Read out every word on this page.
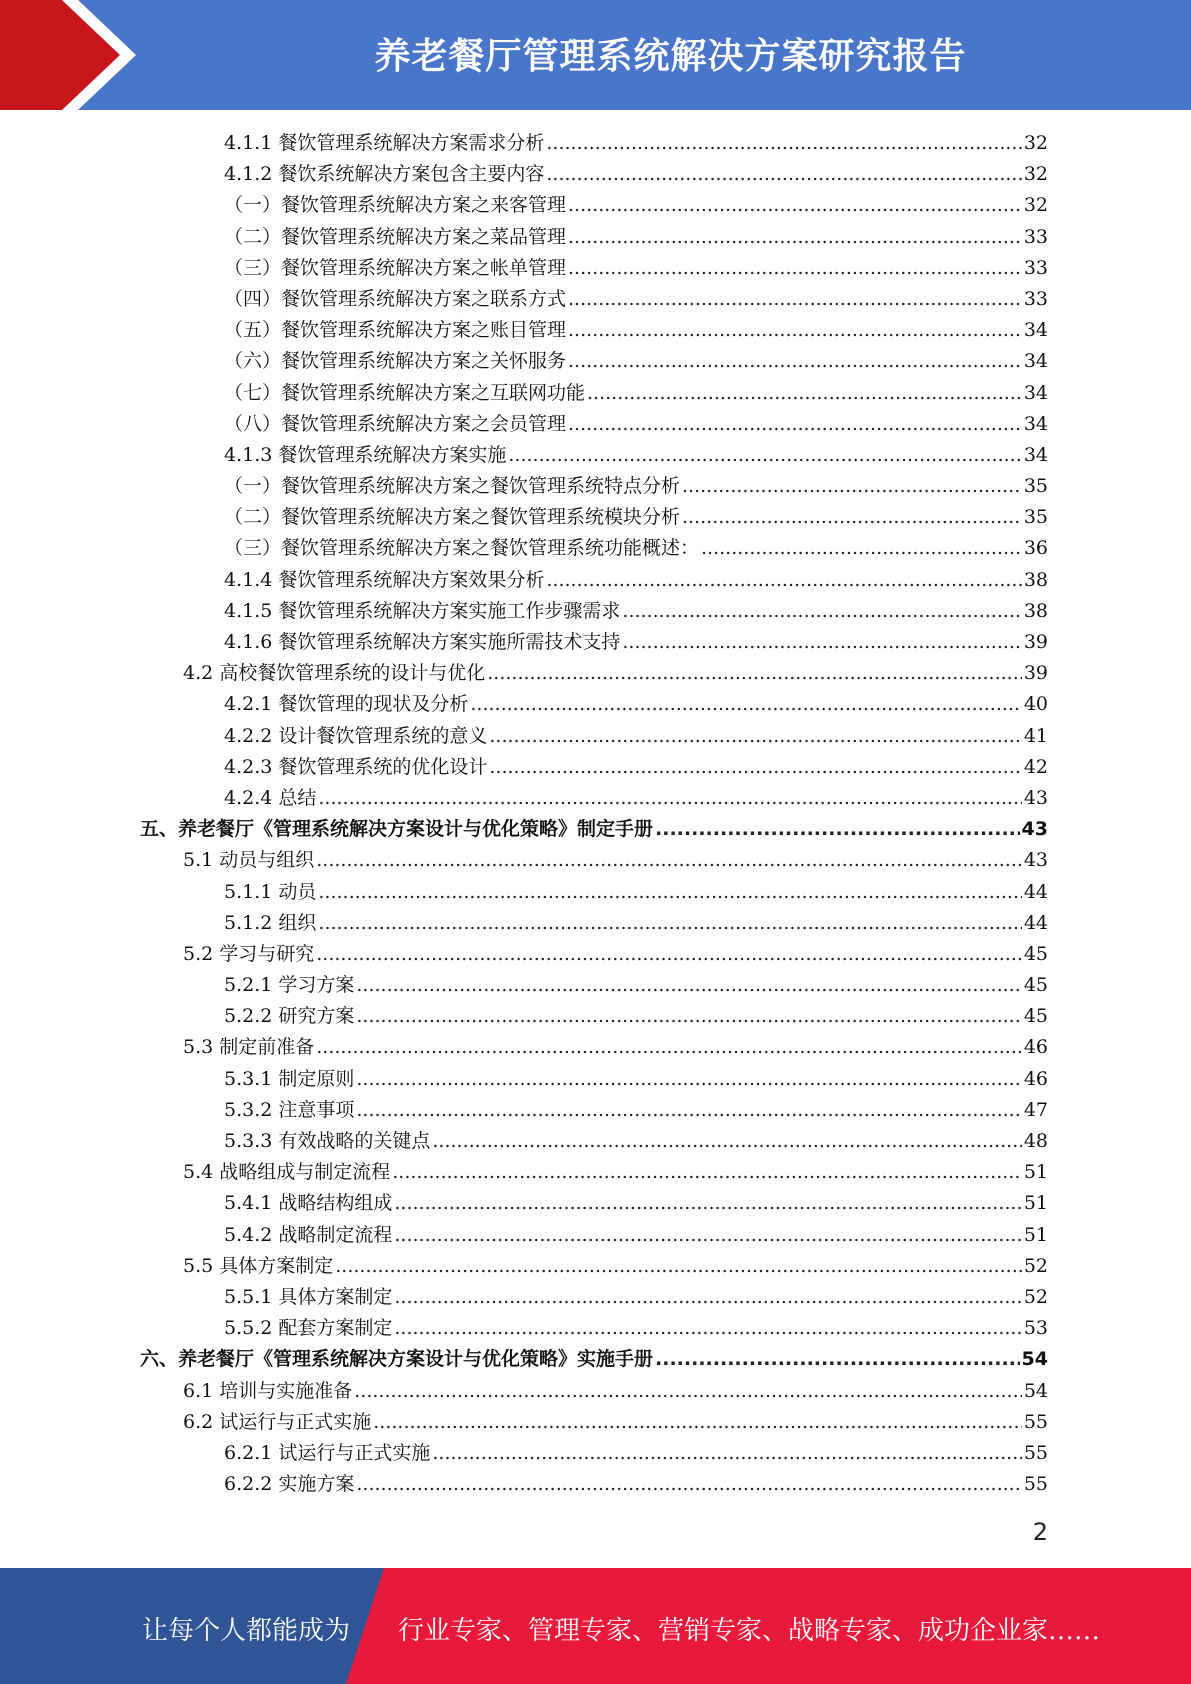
养老餐厅管理系统解决方案研究报告
4.1.1 餐饮管理系统解决方案需求分析 .....	32
4.1.2 餐饮系统解决方案包含主要内容 .....	32
（一）餐饮管理系统解决方案之来客管理 .....	32
（二）餐饮管理系统解决方案之菜品管理 .....	33
（三）餐饮管理系统解决方案之帐单管理 .....	33
（四）餐饮管理系统解决方案之联系方式 .....	33
（五）餐饮管理系统解决方案之账目管理 .....	34
（六）餐饮管理系统解决方案之关怀服务 .....	34
（七）餐饮管理系统解决方案之互联网功能 .....	34
（八）餐饮管理系统解决方案之会员管理 .....	34
4.1.3 餐饮管理系统解决方案实施 .....	34
（一）餐饮管理系统解决方案之餐饮管理系统特点分析 .....	35
（二）餐饮管理系统解决方案之餐饮管理系统模块分析 .....	35
（三）餐饮管理系统解决方案之餐饮管理系统功能概述： .....	36
4.1.4 餐饮管理系统解决方案效果分析 .....	38
4.1.5 餐饮管理系统解决方案实施工作步骤需求 .....	38
4.1.6 餐饮管理系统解决方案实施所需技术支持 .....	39
4.2 高校餐饮管理系统的设计与优化 .....	39
4.2.1 餐饮管理的现状及分析 .....	40
4.2.2 设计餐饮管理系统的意义 .....	41
4.2.3 餐饮管理系统的优化设计 .....	42
4.2.4 总结 .....	43
五、养老餐厅《管理系统解决方案设计与优化策略》制定手册 .....	43
5.1 动员与组织 .....	43
5.1.1 动员 .....	44
5.1.2 组织 .....	44
5.2 学习与研究 .....	45
5.2.1 学习方案 .....	45
5.2.2 研究方案 .....	45
5.3 制定前准备 .....	46
5.3.1 制定原则 .....	46
5.3.2 注意事项 .....	47
5.3.3 有效战略的关键点 .....	48
5.4 战略组成与制定流程 .....	51
5.4.1 战略结构组成 .....	51
5.4.2 战略制定流程 .....	51
5.5 具体方案制定 .....	52
5.5.1 具体方案制定 .....	52
5.5.2 配套方案制定 .....	53
六、养老餐厅《管理系统解决方案设计与优化策略》实施手册 .....	54
6.1 培训与实施准备 .....	54
6.2 试运行与正式实施 .....	55
6.2.1 试运行与正式实施 .....	55
6.2.2 实施方案 .....	55
2
让每个人都能成为 行业专家、管理专家、营销专家、战略专家、成功企业家……
